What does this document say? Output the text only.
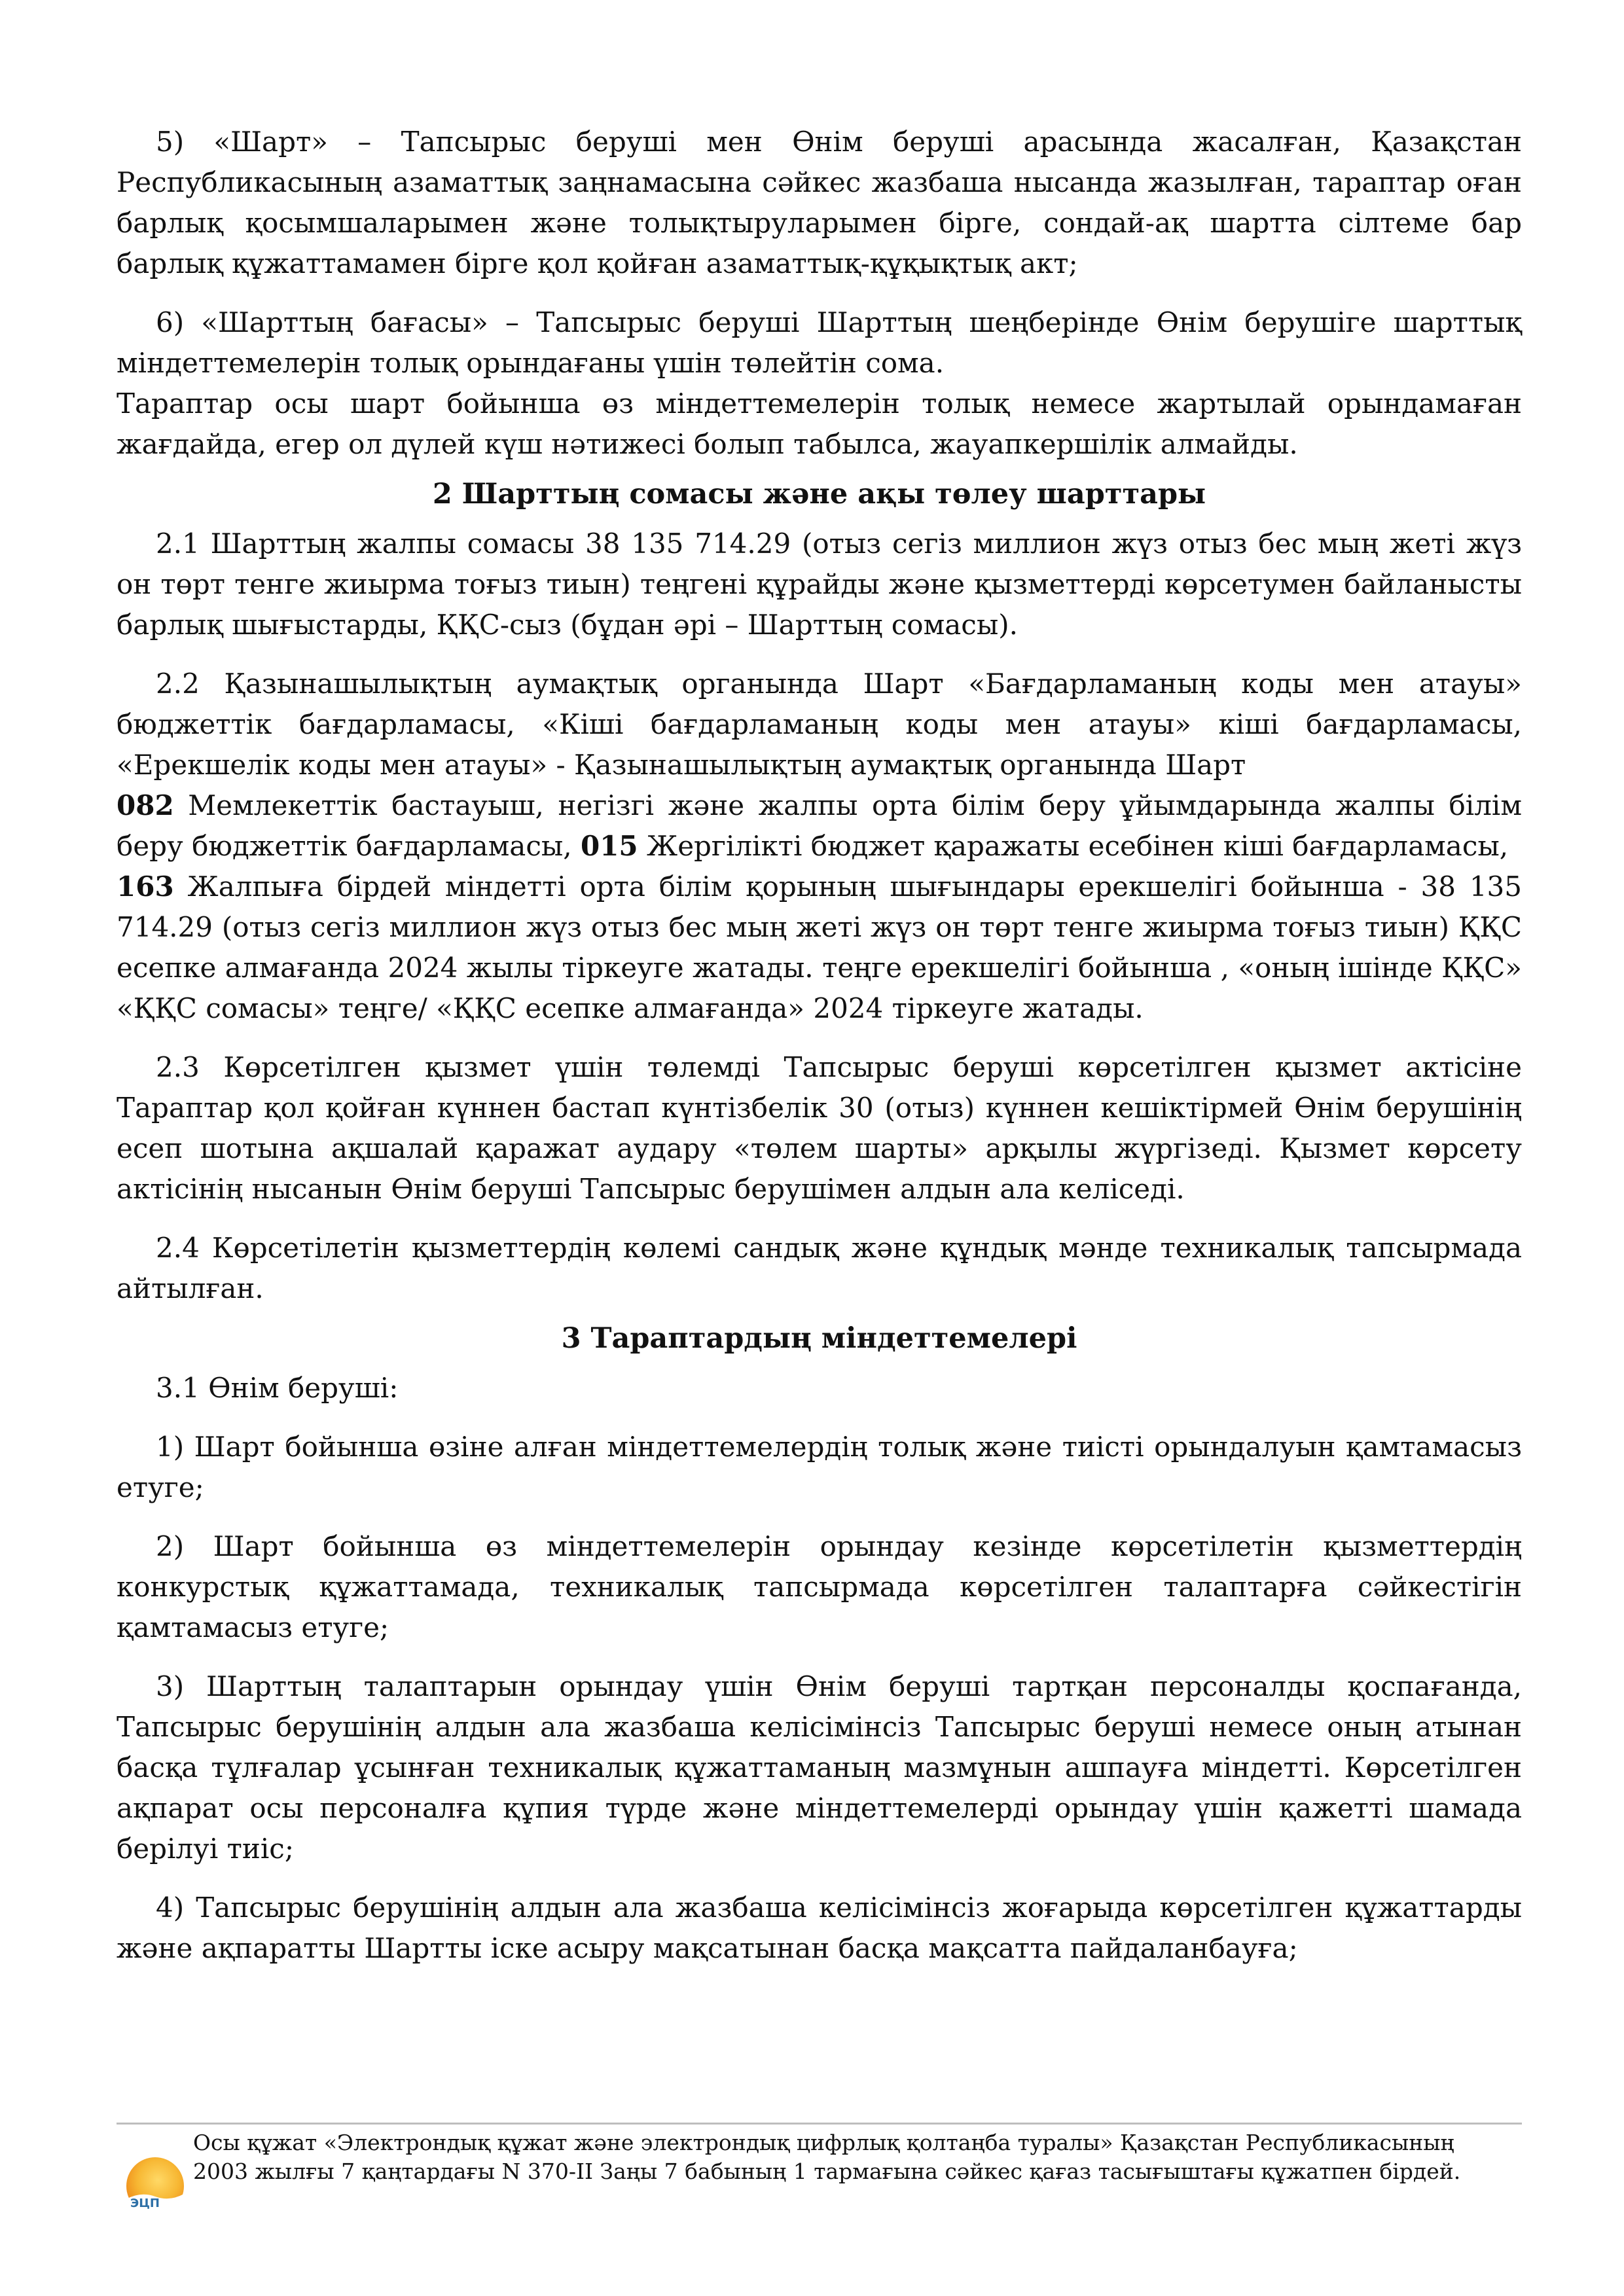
5) «Шарт» – Тапсырыс беруші мен Өнім беруші арасында жасалған, Қазақстан Республикасының азаматтық заңнамасына сәйкес жазбаша нысанда жазылған, тараптар оған барлық қосымшаларымен және толықтыруларымен бірге, сондай-ақ шартта сілтеме бар барлық құжаттамамен бірге қол қойған азаматтық-құқықтық акт;

6) «Шарттың бағасы» – Тапсырыс беруші Шарттың шеңберінде Өнім берушіге шарттық міндеттемелерін толық орындағаны үшін төлейтін сома.

Тараптар осы шарт бойынша өз міндеттемелерін толық немесе жартылай орындамаған жағдайда, егер ол дүлей күш нәтижесі болып табылса, жауапкершілік алмайды.

2 Шарттың сомасы және ақы төлеу шарттары

2.1 Шарттың жалпы сомасы 38 135 714.29 (отыз сегіз миллион жүз отыз бес мың жеті жүз он төрт тенге жиырма тоғыз тиын) теңгені құрайды және қызметтерді көрсетумен байланысты барлық шығыстарды, ҚҚС-сыз (бұдан әрі – Шарттың сомасы).

2.2 Қазынашылықтың аумақтық органында Шарт «Бағдарламаның коды мен атауы» бюджеттік бағдарламасы, «Кіші бағдарламаның коды мен атауы» кіші бағдарламасы, «Ерекшелік коды мен атауы» - Қазынашылықтың аумақтық органында Шарт
082 Мемлекеттік бастауыш, негізгі және жалпы орта білім беру ұйымдарында жалпы білім беру бюджеттік бағдарламасы, 015 Жергілікті бюджет қаражаты есебінен кіші бағдарламасы,
163 Жалпыға бірдей міндетті орта білім қорының шығындары ерекшелігі бойынша - 38 135 714.29 (отыз сегіз миллион жүз отыз бес мың жеті жүз он төрт тенге жиырма тоғыз тиын) ҚҚС есепке алмағанда 2024 жылы тіркеуге жатады. теңге ерекшелігі бойынша , «оның ішінде ҚҚС» «ҚҚС сомасы» теңге/ «ҚҚС есепке алмағанда» 2024 тіркеуге жатады.

2.3 Көрсетілген қызмет үшін төлемді Тапсырыс беруші көрсетілген қызмет актісіне Тараптар қол қойған күннен бастап күнтізбелік 30 (отыз) күннен кешіктірмей Өнім берушінің есеп шотына ақшалай қаражат аудару «төлем шарты» арқылы жүргізеді. Қызмет көрсету актісінің нысанын Өнім беруші Тапсырыс берушімен алдын ала келіседі.

2.4 Көрсетілетін қызметтердің көлемі сандық және құндық мәнде техникалық тапсырмада айтылған.

3 Тараптардың міндеттемелері

3.1 Өнім беруші:

1) Шарт бойынша өзіне алған міндеттемелердің толық және тиісті орындалуын қамтамасыз етуге;

2) Шарт бойынша өз міндеттемелерін орындау кезінде көрсетілетін қызметтердің конкурстық құжаттамада, техникалық тапсырмада көрсетілген талаптарға сәйкестігін қамтамасыз етуге;

3) Шарттың талаптарын орындау үшін Өнім беруші тартқан персоналды қоспағанда, Тапсырыс берушінің алдын ала жазбаша келісімінсіз Тапсырыс беруші немесе оның атынан басқа тұлғалар ұсынған техникалық құжаттаманың мазмұнын ашпауға міндетті. Көрсетілген ақпарат осы персоналға құпия түрде және міндеттемелерді орындау үшін қажетті шамада берілуі тиіс;

4) Тапсырыс берушінің алдын ала жазбаша келісімінсіз жоғарыда көрсетілген құжаттарды және ақпаратты Шартты іске асыру мақсатынан басқа мақсатта пайдаланбауға;

ЭЦП
Осы құжат «Электрондық құжат және электрондық цифрлық қолтаңба туралы» Қазақстан Республикасының 2003 жылғы 7 қаңтардағы N 370-II Заңы 7 бабының 1 тармағына сәйкес қағаз тасығыштағы құжатпен бірдей.
